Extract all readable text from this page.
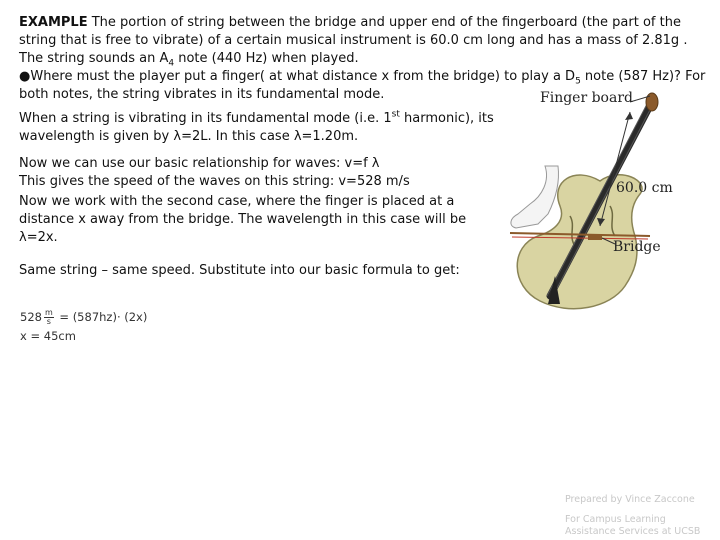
EXAMPLE The portion of string between the bridge and upper end of the fingerboard (the part of the string that is free to vibrate) of a certain musical instrument is 60.0 cm long and has a mass of 2.81g . The string sounds an $A_4$ note (440 Hz) when played.
●Where must the player put a finger( at what distance x from the bridge) to play a $D_5$ note (587 Hz)? For both notes, the string vibrates in its fundamental mode.
When a string is vibrating in its fundamental mode (i.e. 1st harmonic), its wavelength is given by λ=2L. In this case λ=1.20m.
Now we can use our basic relationship for waves: v=f λ
This gives the speed of the waves on this string: v=528 m/s
Now we work with the second case, where the finger is placed at a distance x away from the bridge. The wavelength in this case will be λ=2x.
Same string – same speed. Substitute into our basic formula to get:
$528 \frac{m}{s} = (587hz)\cdot (2x)$
x = 45cm
Finger board
60.0 cm
Bridge
Prepared by Vince Zaccone
For Campus Learning Assistance Services at UCSB
